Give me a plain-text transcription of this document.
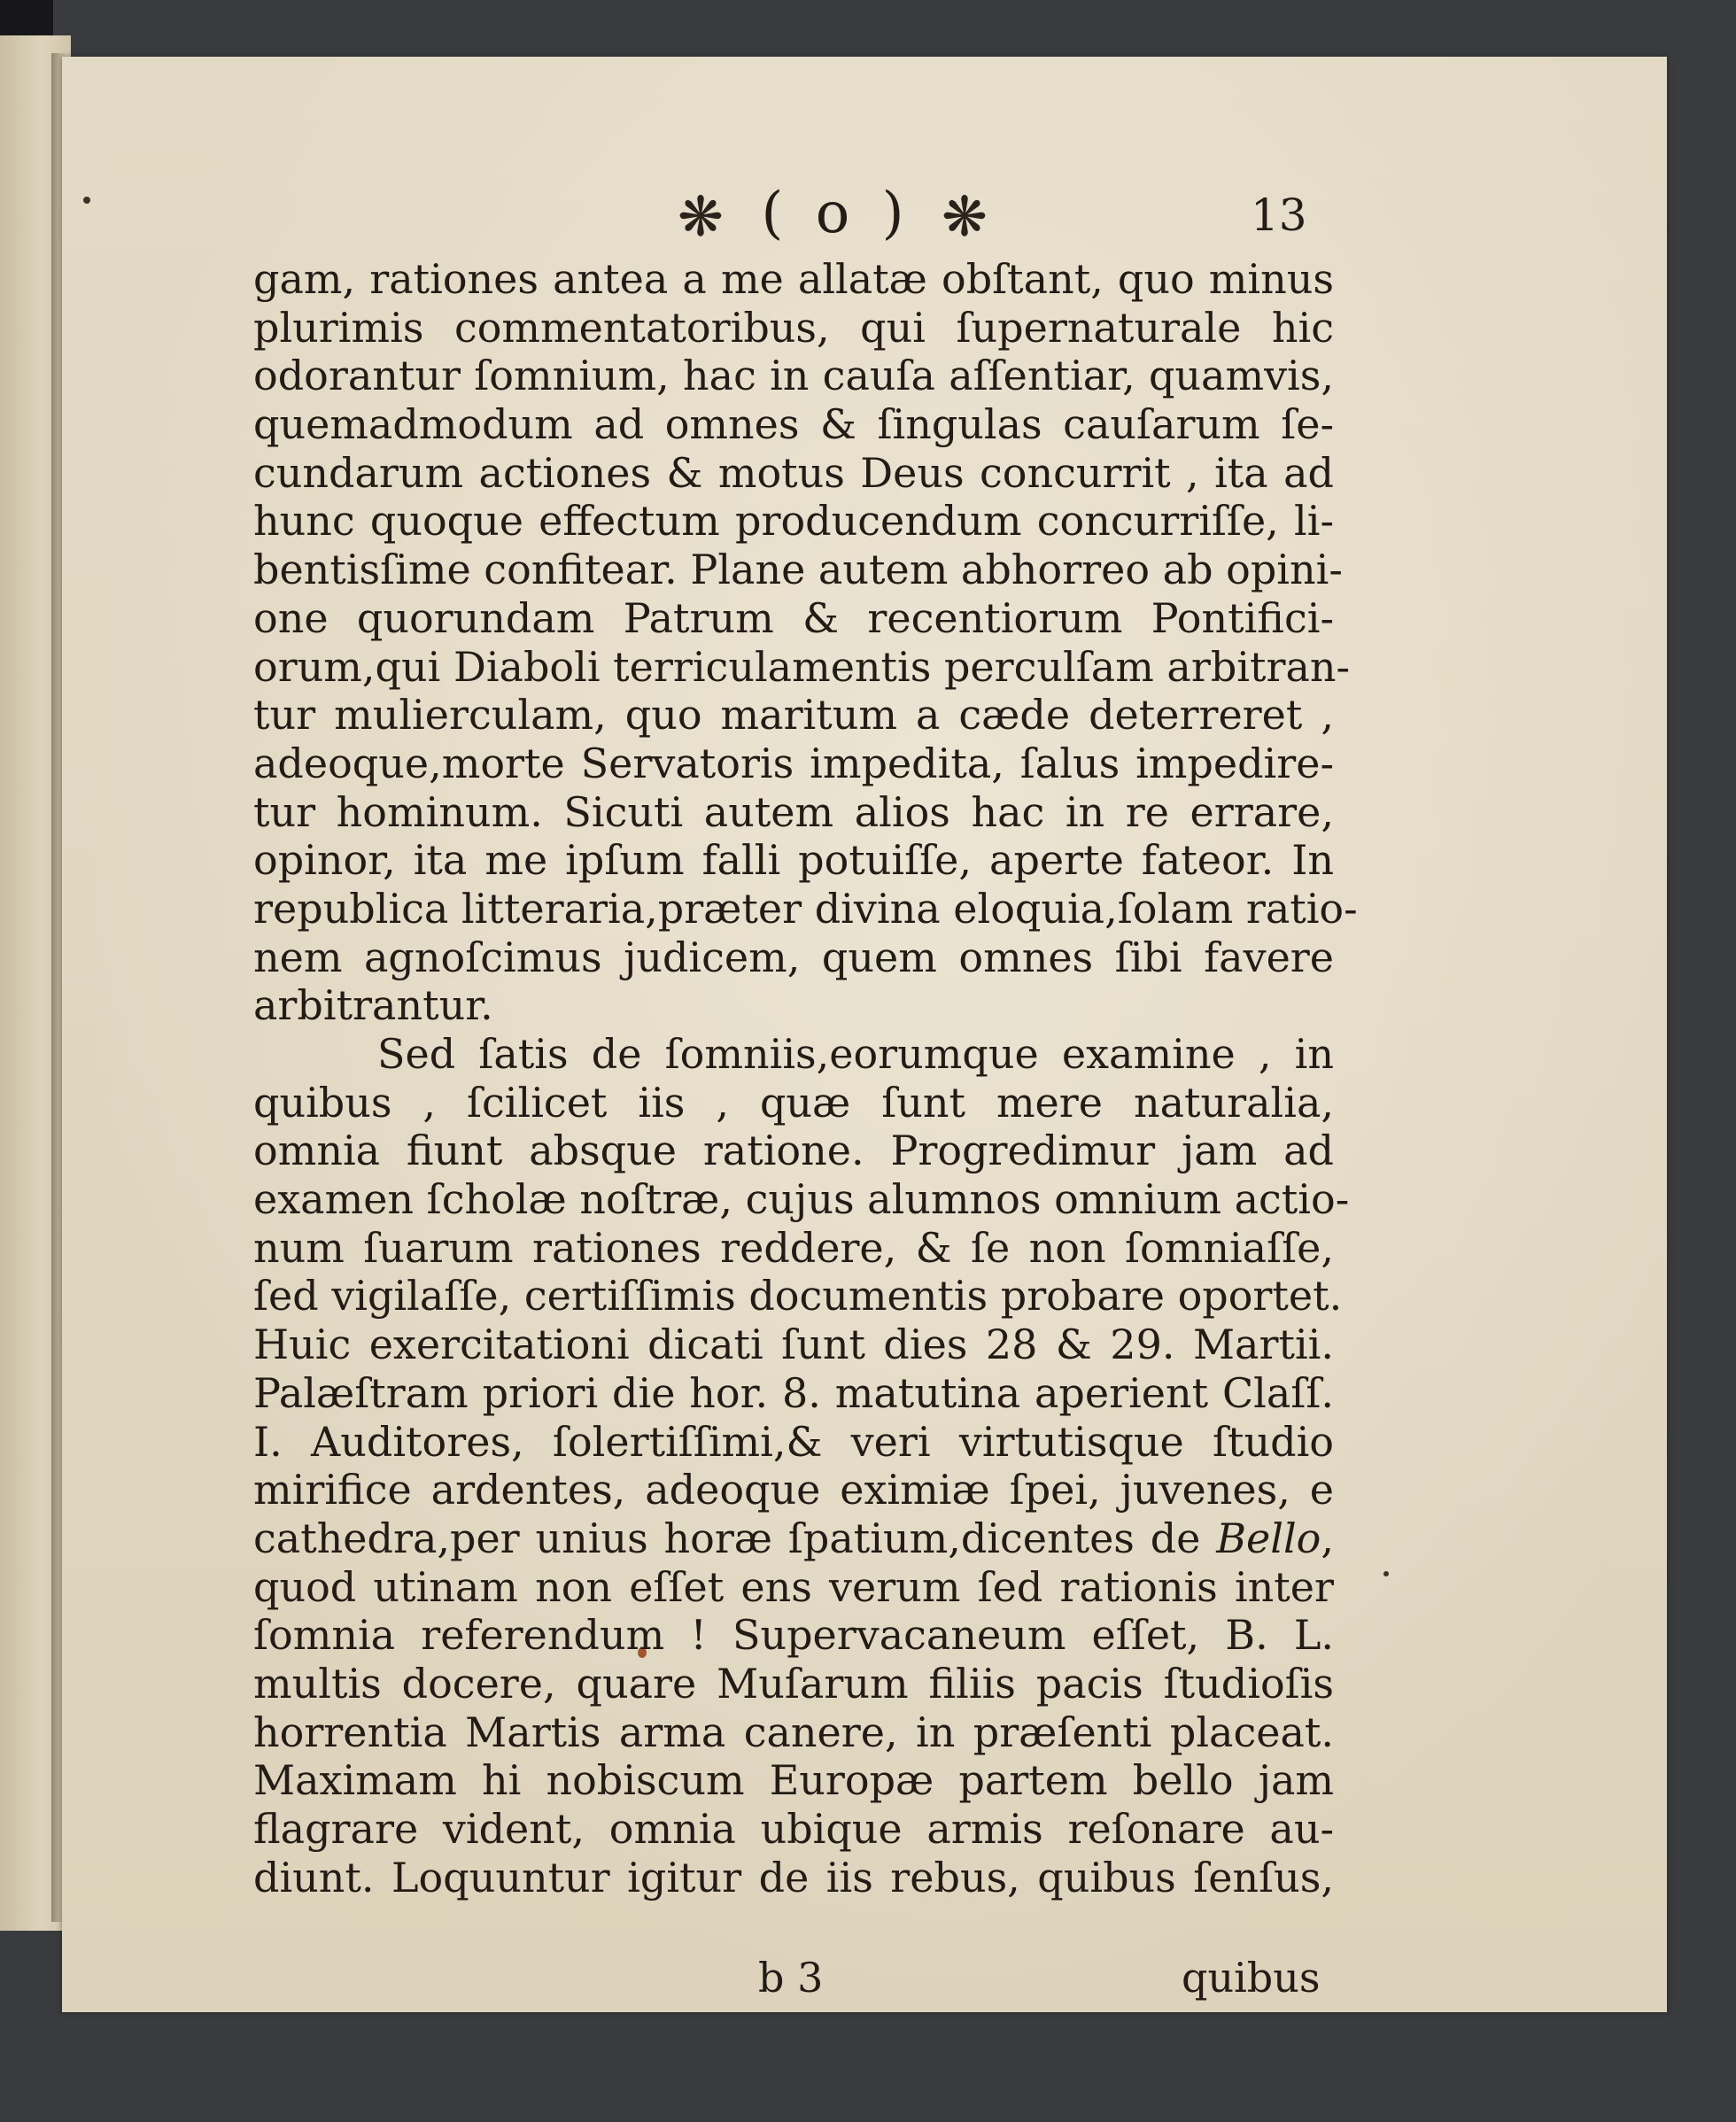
❋ ( o ) ❋	13
gam, rationes antea a me allatæ obſtant, quo minus
plurimis commentatoribus, qui ſupernaturale hic
odorantur ſomnium, hac in cauſa aſſentiar, quamvis,
quemadmodum ad omnes & ſingulas cauſarum ſe-
cundarum actiones & motus Deus concurrit , ita ad
hunc quoque effectum producendum concurriſſe, li-
bentisſime confitear. Plane autem abhorreo ab opini-
one quorundam Patrum & recentiorum Pontifici-
orum,qui Diaboli terriculamentis perculſam arbitran-
tur mulierculam, quo maritum a cæde deterreret ,
adeoque,morte Servatoris impedita, ſalus impedire-
tur hominum. Sicuti autem alios hac in re errare,
opinor, ita me ipſum falli potuiſſe, aperte fateor. In
republica litteraria,præter divina eloquia,ſolam ratio-
nem agnoſcimus judicem, quem omnes ſibi favere
arbitrantur.
Sed ſatis de ſomniis,eorumque examine , in
quibus , ſcilicet iis , quæ ſunt mere naturalia,
omnia fiunt absque ratione. Progredimur jam ad
examen ſcholæ noſtræ, cujus alumnos omnium actio-
num ſuarum rationes reddere, & ſe non ſomniaſſe,
ſed vigilaſſe, certiſſimis documentis probare oportet.
Huic exercitationi dicati ſunt dies 28 & 29. Martii.
Palæſtram priori die hor. 8. matutina aperient Claſſ.
I. Auditores, ſolertiſſimi,& veri virtutisque ſtudio
mirifice ardentes, adeoque eximiæ ſpei, juvenes, e
cathedra,per unius horæ ſpatium,dicentes de Bello,
quod utinam non eſſet ens verum ſed rationis inter
ſomnia referendum ! Supervacaneum eſſet, B. L.
multis docere, quare Muſarum filiis pacis ſtudioſis
horrentia Martis arma canere, in præſenti placeat.
Maximam hi nobiscum Europæ partem bello jam
flagrare vident, omnia ubique armis reſonare au-
diunt. Loquuntur igitur de iis rebus, quibus ſenſus,
b 3	quibus
